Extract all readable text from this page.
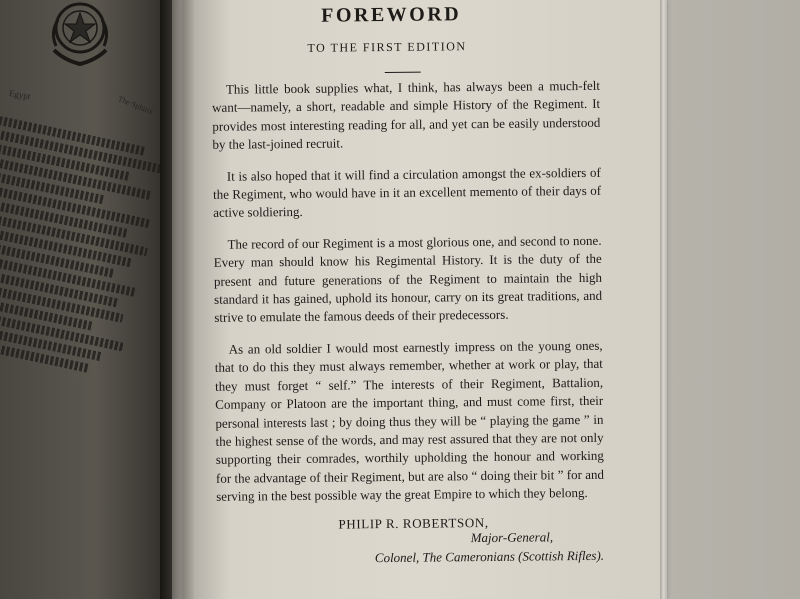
Egypt	The Sphinx
FOREWORD
TO THE FIRST EDITION

This little book supplies what, I think, has always been a much-felt want—namely, a short, readable and simple History of the Regiment. It provides most interesting reading for all, and yet can be easily understood by the last-joined recruit.

It is also hoped that it will find a circulation amongst the ex-soldiers of the Regiment, who would have in it an excellent memento of their days of active soldiering.

The record of our Regiment is a most glorious one, and second to none. Every man should know his Regimental History. It is the duty of the present and future generations of the Regiment to maintain the high standard it has gained, uphold its honour, carry on its great traditions, and strive to emulate the famous deeds of their predecessors.

As an old soldier I would most earnestly impress on the young ones, that to do this they must always remember, whether at work or play, that they must forget “ self.” The interests of their Regiment, Battalion, Company or Platoon are the important thing, and must come first, their personal interests last ; by doing thus they will be “ playing the game ” in the highest sense of the words, and may rest assured that they are not only supporting their comrades, worthily upholding the honour and working for the advantage of their Regiment, but are also “ doing their bit ” for and serving in the best possible way the great Empire to which they belong.

PHILIP R. ROBERTSON,
Major-General,
Colonel, The Cameronians (Scottish Rifles).
